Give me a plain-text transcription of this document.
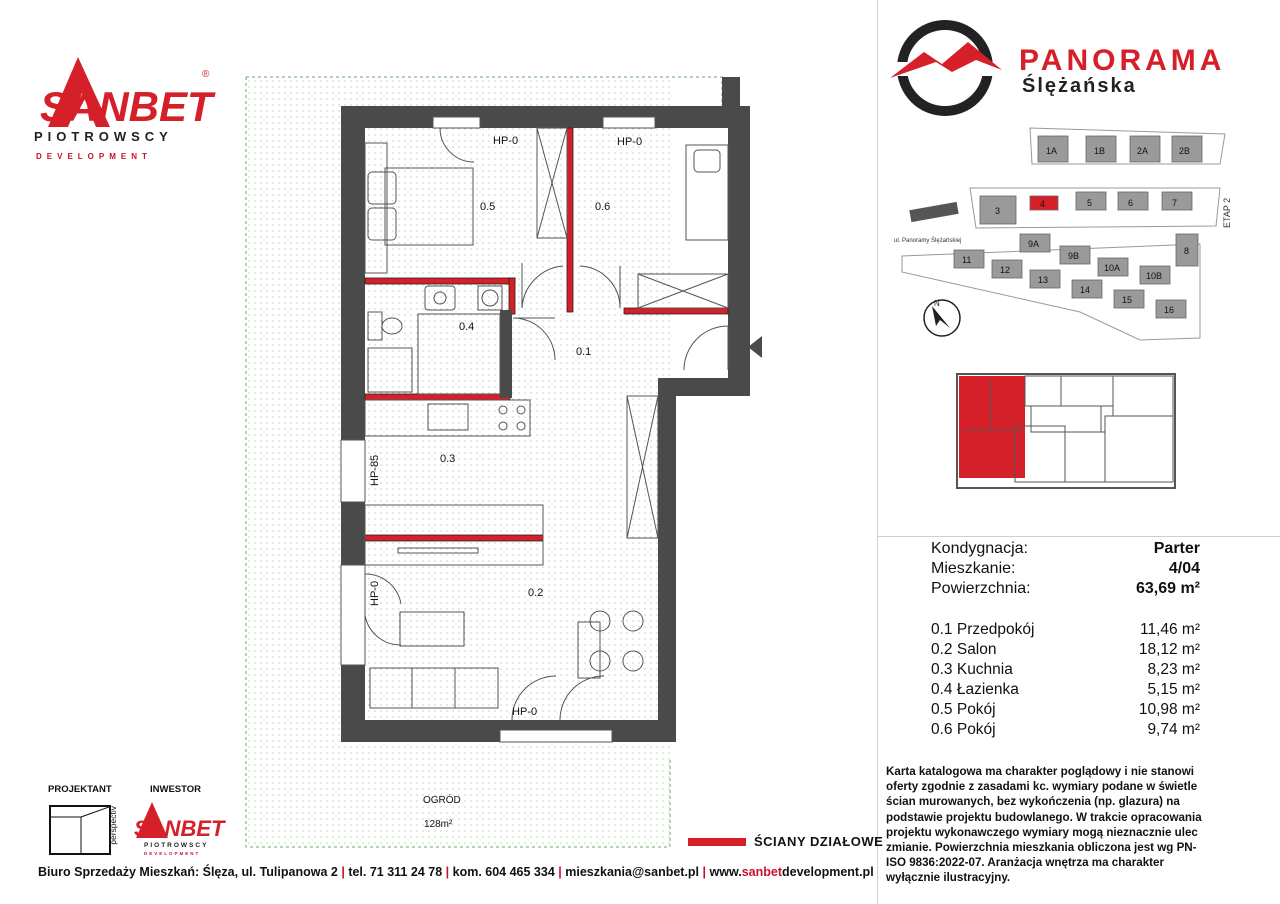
SANBET
®
PIOTROWSCY
DEVELOPMENT
0.5	0.6
0.4
0.1
0.3
0.2
HP-0	HP-0
HP-0
HP-0
HP-85
OGRÓD
128m²
PANORAMA
Ślężańska
1A	1B	2A	2B
3
4	5	6	7
8
9A
9B
10A
10B
11
12
13
14
15
16
ETAP 2
ul. Panoramy Ślężańskiej
N
Kondygnacja:	Parter
Mieszkanie:	4/04
Powierzchnia:	63,69 m²
0.1 Przedpokój	11,46 m²
0.2 Salon	18,12 m²
0.3 Kuchnia	8,23 m²
0.4 Łazienka	5,15 m²
0.5 Pokój	10,98 m²
0.6 Pokój	9,74 m²
Karta katalogowa ma charakter poglądowy i nie stanowi oferty zgodnie z zasadami kc. wymiary podane w świetle ścian murowanych, bez wykończenia (np. glazura) na podstawie projektu budowlanego. W trakcie opracowania projektu wykonawczego wymiary mogą nieznacznie ulec zmianie. Powierzchnia mieszkania obliczona jest wg PN-ISO 9836:2022-07. Aranżacja wnętrza ma charakter wyłącznie ilustracyjny.
ŚCIANY DZIAŁOWE
PROJEKTANT	INWESTOR
perspectiv SANBET
PIOTROWSCY
DEVELOPMENT
Biuro Sprzedaży Mieszkań: Ślęza, ul. Tulipanowa 2 | tel. 71 311 24 78 | kom. 604 465 334 | mieszkania@sanbet.pl | www.sanbetdevelopment.pl
